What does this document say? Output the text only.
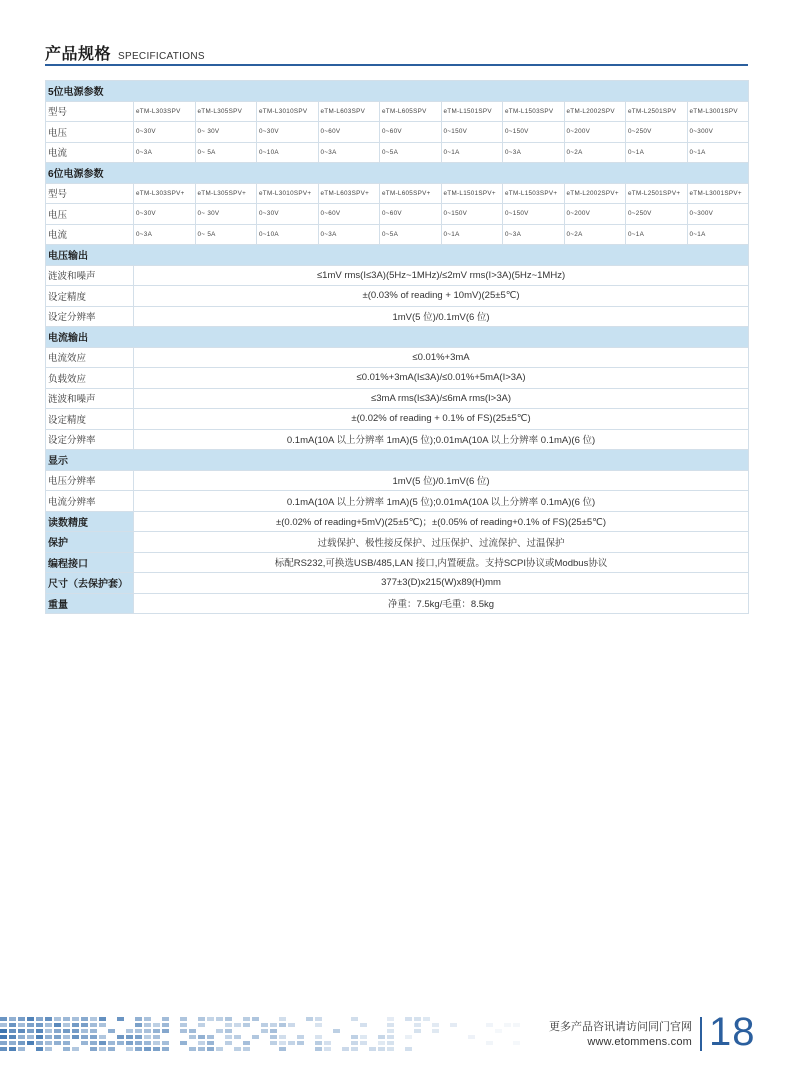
产品规格 SPECIFICATIONS
5位电源参数										
型号	eTM-L303SPV	eTM-L305SPV	eTM-L3010SPV	eTM-L603SPV	eTM-L605SPV	eTM-L1501SPV	eTM-L1503SPV	eTM-L2002SPV	eTM-L2501SPV	eTM-L3001SPV
电压	0~30V	0~ 30V	0~30V	0~60V	0~60V	0~150V	0~150V	0~200V	0~250V	0~300V
电流	0~3A	0~ 5A	0~10A	0~3A	0~5A	0~1A	0~3A	0~2A	0~1A	0~1A
6位电源参数										
型号	eTM-L303SPV+	eTM-L305SPV+	eTM-L3010SPV+	eTM-L603SPV+	eTM-L605SPV+	eTM-L1501SPV+	eTM-L1503SPV+	eTM-L2002SPV+	eTM-L2501SPV+	eTM-L3001SPV+
电压	0~30V	0~ 30V	0~30V	0~60V	0~60V	0~150V	0~150V	0~200V	0~250V	0~300V
电流	0~3A	0~ 5A	0~10A	0~3A	0~5A	0~1A	0~3A	0~2A	0~1A	0~1A
电压输出										
涟波和噪声	≤1mV rms(I≤3A)(5Hz~1MHz)/≤2mV rms(I>3A)(5Hz~1MHz)									
设定精度	±(0.03% of reading + 10mV)(25±5℃)									
设定分辨率	1mV(5 位)/0.1mV(6 位)									
电流输出										
电流效应	≤0.01%+3mA									
负载效应	≤0.01%+3mA(I≤3A)/≤0.01%+5mA(I>3A)									
涟波和噪声	≤3mA rms(I≤3A)/≤6mA rms(I>3A)									
设定精度	±(0.02% of reading + 0.1% of FS)(25±5℃)									
设定分辨率	0.1mA(10A 以上分辨率 1mA)(5 位);0.01mA(10A 以上分辨率 0.1mA)(6 位)									
显示										
电压分辨率	1mV(5 位)/0.1mV(6 位)									
电流分辨率	0.1mA(10A 以上分辨率 1mA)(5 位);0.01mA(10A 以上分辨率 0.1mA)(6 位)									
读数精度	±(0.02% of reading+5mV)(25±5℃)；±(0.05% of reading+0.1% of FS)(25±5℃)									
保护	过载保护、极性接反保护、过压保护、过流保护、过温保护									
编程接口	标配RS232,可换选USB/485,LAN 接口,内置硬盘。支持SCPI协议或Modbus协议									
尺寸（去保护套）	377±3(D)x215(W)x89(H)mm									
重量	净重：7.5kg/毛重：8.5kg									
更多产品咨讯请访问同门官网
www.etommens.com 18
